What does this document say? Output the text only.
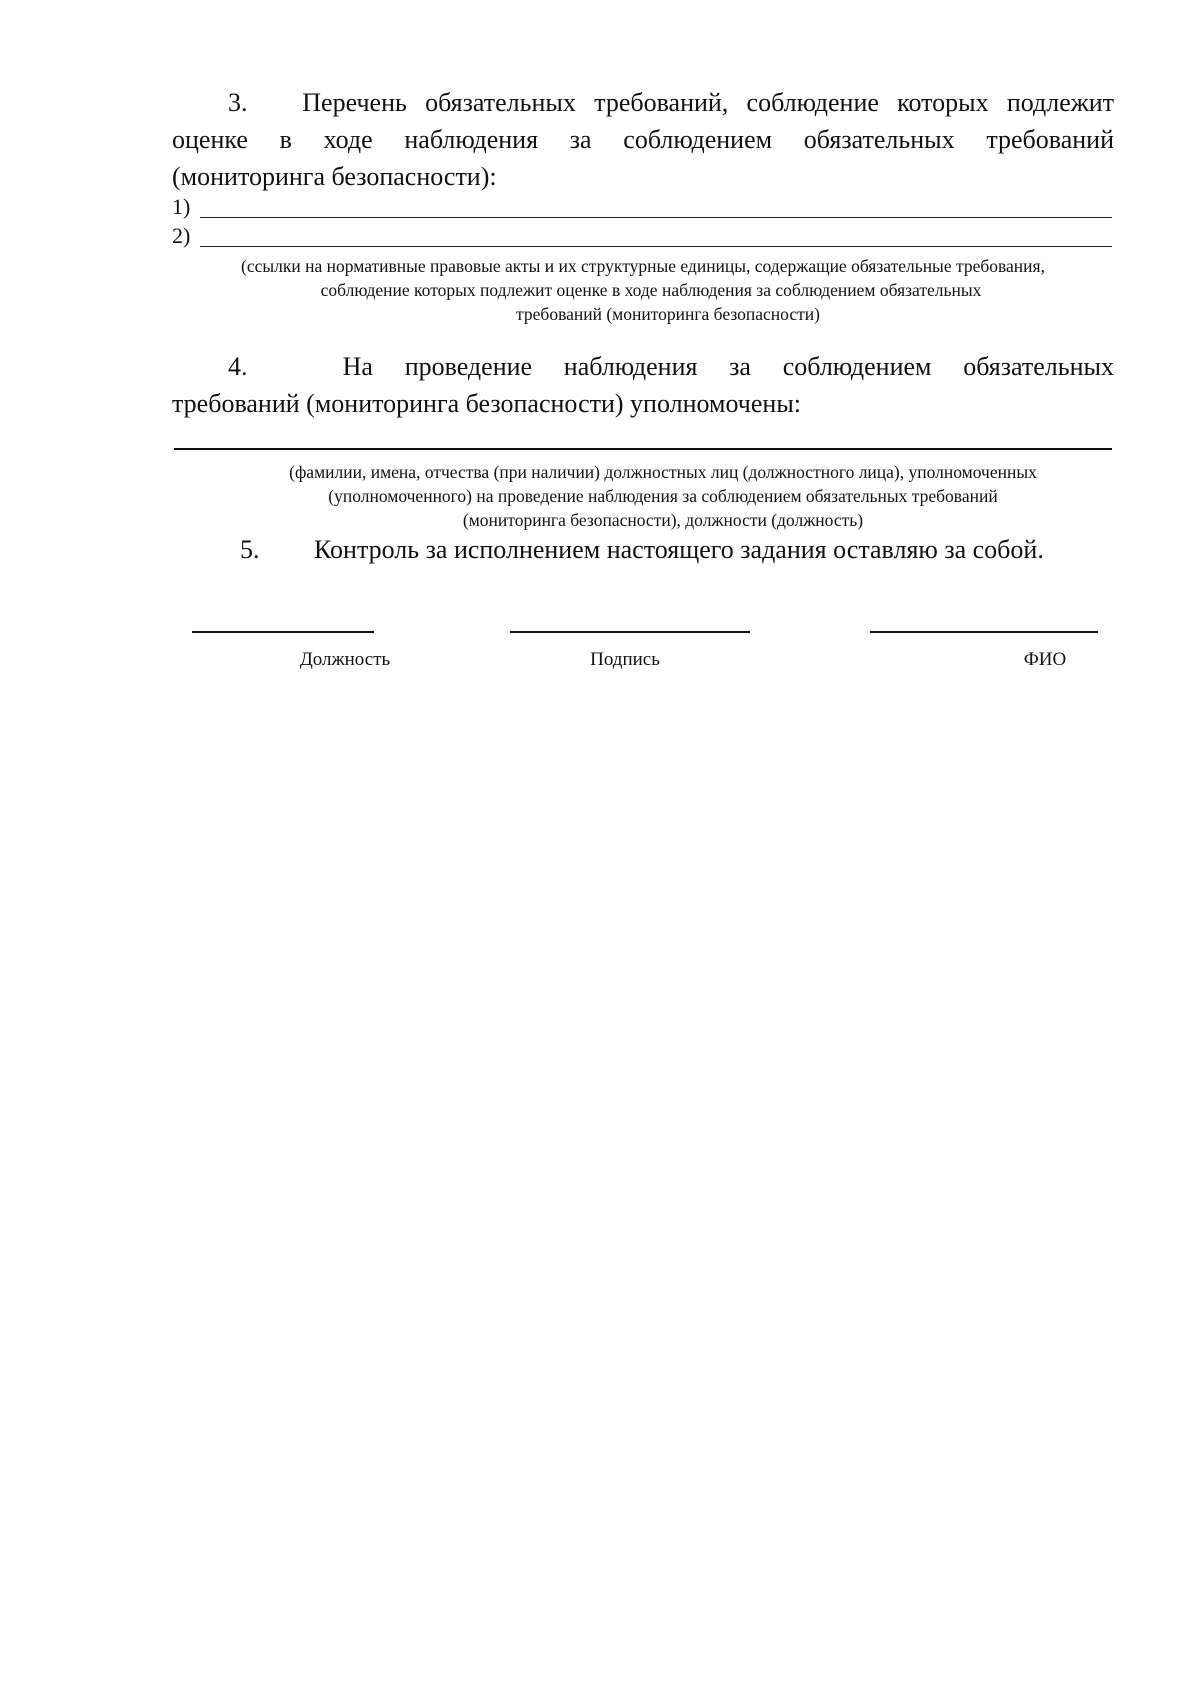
3. Перечень обязательных требований, соблюдение которых подлежит
оценке в ходе наблюдения за соблюдением обязательных требований
(мониторинга безопасности):
1)
2)
(ссылки на нормативные правовые акты и их структурные единицы, содержащие обязательные требования,
соблюдение которых подлежит оценке в ходе наблюдения за соблюдением обязательных
требований (мониторинга безопасности)
4.	На проведение наблюдения за соблюдением обязательных
требований (мониторинга безопасности) уполномочены:
(фамилии, имена, отчества (при наличии) должностных лиц (должностного лица), уполномоченных
(уполномоченного) на проведение наблюдения за соблюдением обязательных требований
(мониторинга безопасности), должности (должность)
5. Контроль за исполнением настоящего задания оставляю за собой.
Должность	Подпись	ФИО
